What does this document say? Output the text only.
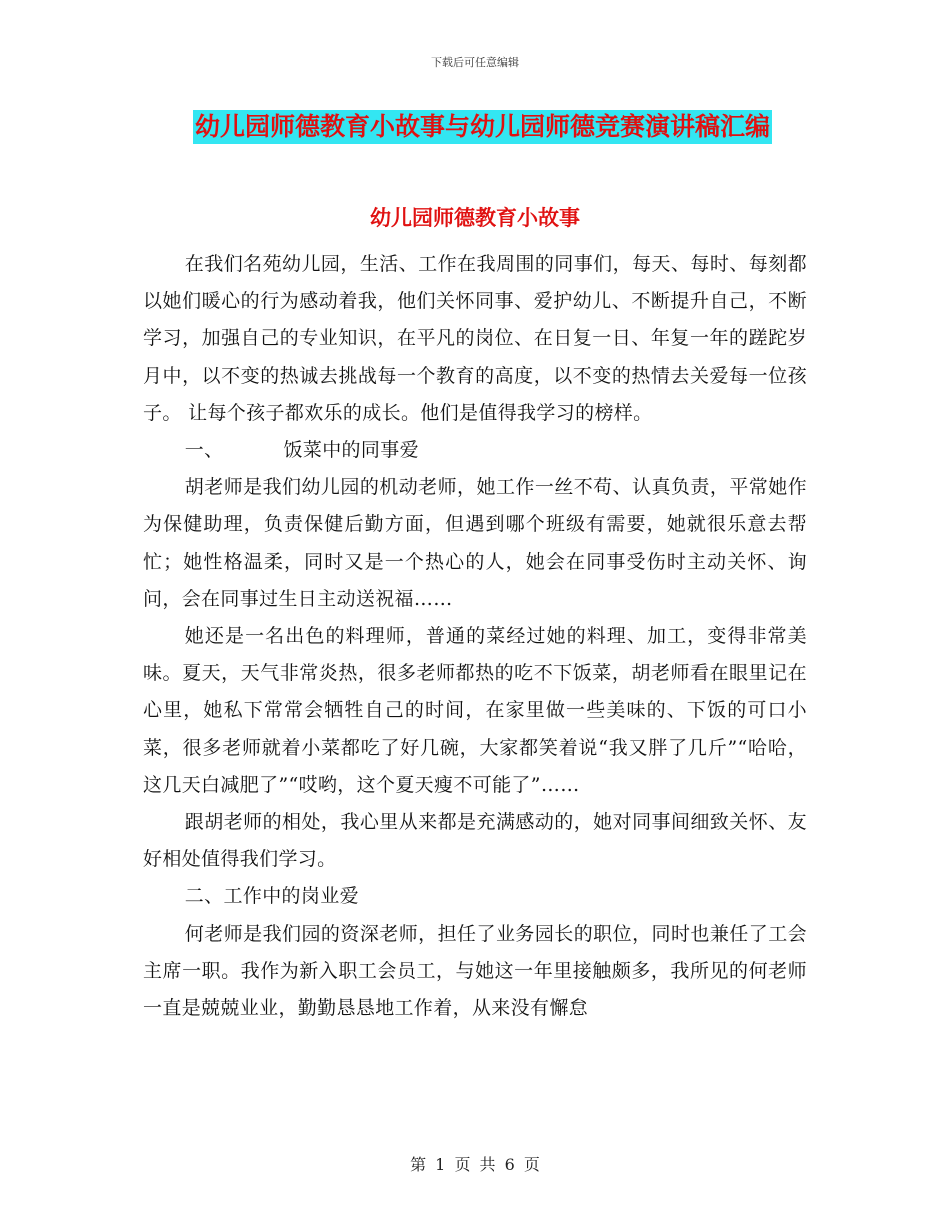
下载后可任意编辑
幼儿园师德教育小故事与幼儿园师德竞赛演讲稿汇编
幼儿园师德教育小故事

在我们名苑幼儿园，生活、工作在我周围的同事们，每天、每时、每刻都以她们暖心的行为感动着我，他们关怀同事、爱护幼儿、不断提升自己，不断学习，加强自己的专业知识，在平凡的岗位、在日复一日、年复一年的蹉跎岁月中，以不变的热诚去挑战每一个教育的高度，以不变的热情去关爱每一位孩子。 让每个孩子都欢乐的成长。他们是值得我学习的榜样。

一、	饭菜中的同事爱

胡老师是我们幼儿园的机动老师，她工作一丝不苟、认真负责，平常她作为保健助理，负责保健后勤方面，但遇到哪个班级有需要，她就很乐意去帮忙；她性格温柔，同时又是一个热心的人，她会在同事受伤时主动关怀、询问，会在同事过生日主动送祝福……

她还是一名出色的料理师，普通的菜经过她的料理、加工，变得非常美味。夏天，天气非常炎热，很多老师都热的吃不下饭菜，胡老师看在眼里记在心里，她私下常常会牺牲自己的时间，在家里做一些美味的、下饭的可口小菜，很多老师就着小菜都吃了好几碗，大家都笑着说“我又胖了几斤”“哈哈，这几天白减肥了”“哎哟，这个夏天瘦不可能了”……

跟胡老师的相处，我心里从来都是充满感动的，她对同事间细致关怀、友好相处值得我们学习。

二、工作中的岗业爱

何老师是我们园的资深老师，担任了业务园长的职位，同时也兼任了工会主席一职。我作为新入职工会员工，与她这一年里接触颇多，我所见的何老师一直是兢兢业业，勤勤恳恳地工作着，从来没有懈怠

第 1 页 共 6 页
